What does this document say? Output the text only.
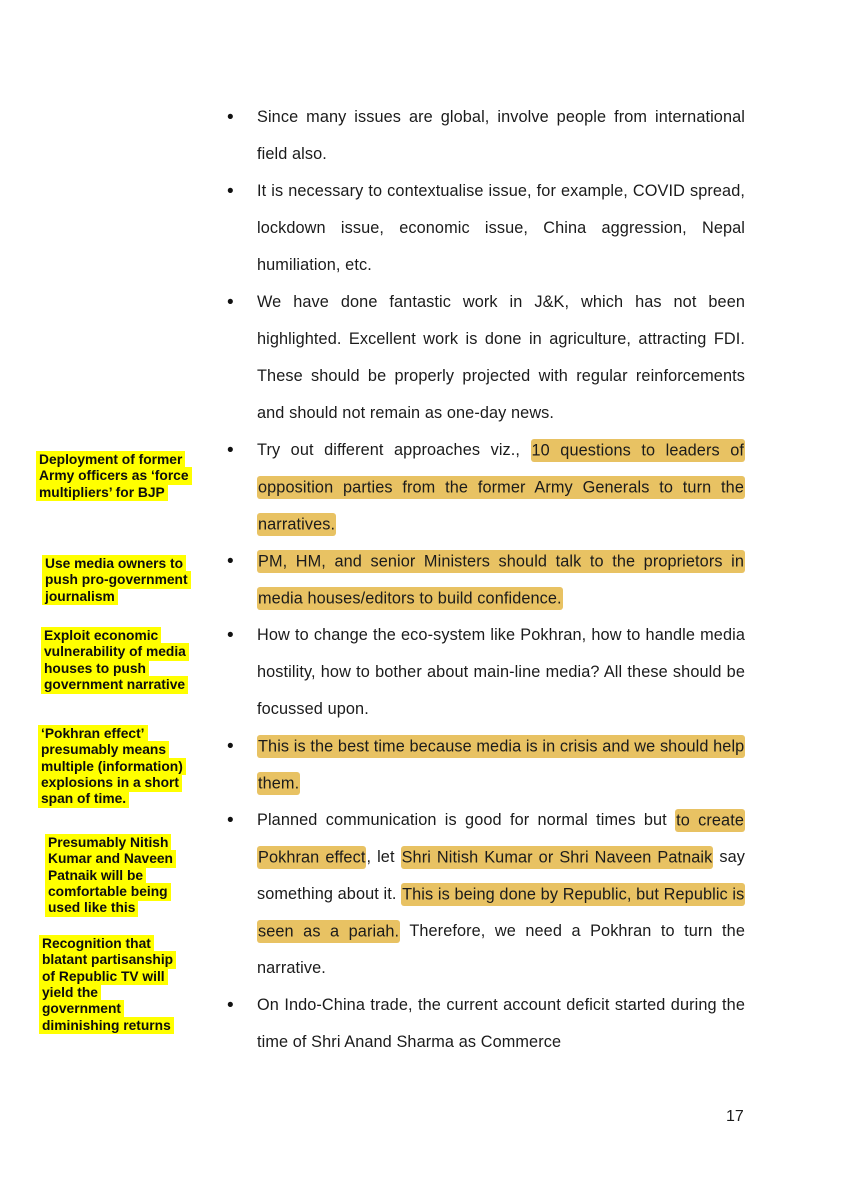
Deployment of former
Army officers as ‘force
multipliers’ for BJP
Use media owners to
push pro-government
journalism
Exploit economic
vulnerability of media
houses to push
government narrative
‘Pokhran effect’
presumably means
multiple (information)
explosions in a short
span of time.
Presumably Nitish
Kumar and Naveen
Patnaik will be
comfortable being
used like this
Recognition that
blatant partisanship
of Republic TV will
yield the
government
diminishing returns
• Since many issues are global, involve people from international field also.
• It is necessary to contextualise issue, for example, COVID spread, lockdown issue, economic issue, China aggression, Nepal humiliation, etc.
• We have done fantastic work in J&K, which has not been highlighted. Excellent work is done in agriculture, attracting FDI. These should be properly projected with regular reinforcements and should not remain as one-day news.
• Try out different approaches viz., 10 questions to leaders of opposition parties from the former Army Generals to turn the narratives.
• PM, HM, and senior Ministers should talk to the proprietors in media houses/editors to build confidence.
• How to change the eco-system like Pokhran, how to handle media hostility, how to bother about main-line media? All these should be focussed upon.
• This is the best time because media is in crisis and we should help them.
• Planned communication is good for normal times but to create Pokhran effect, let Shri Nitish Kumar or Shri Naveen Patnaik say something about it. This is being done by Republic, but Republic is seen as a pariah. Therefore, we need a Pokhran to turn the narrative.
• On Indo-China trade, the current account deficit started during the time of Shri Anand Sharma as Commerce
17
